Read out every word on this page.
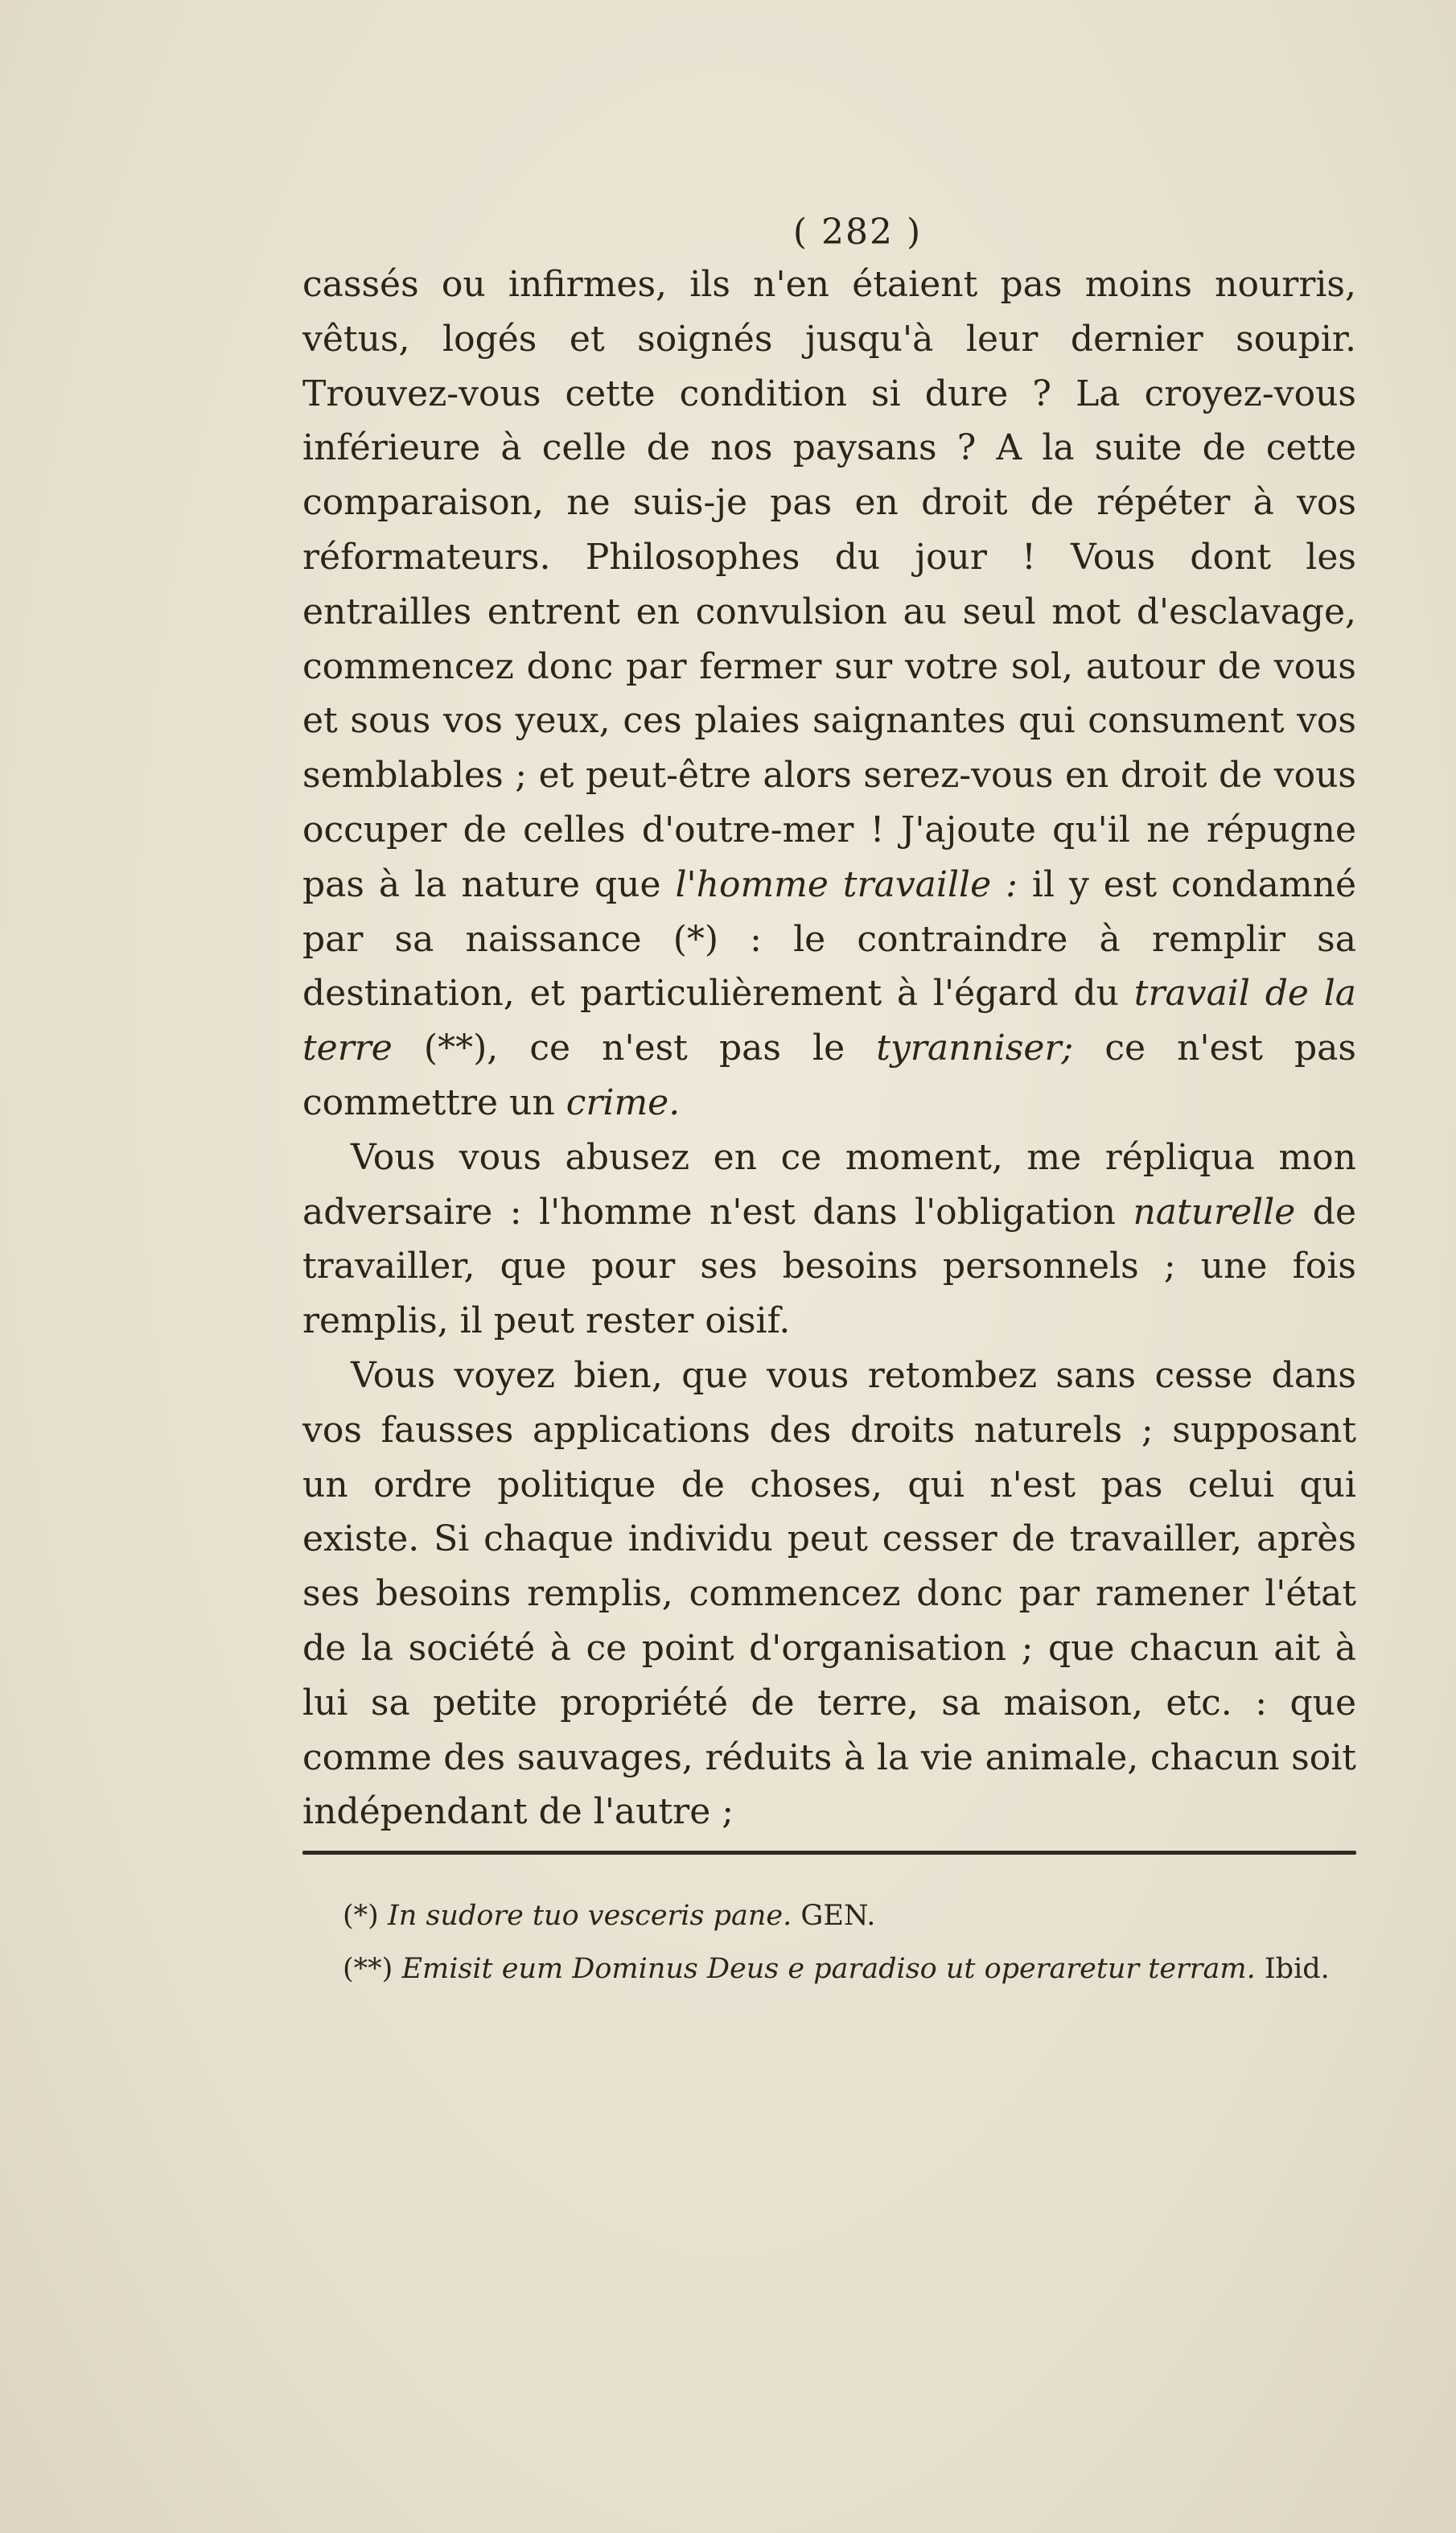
( 282 )

cassés ou infirmes, ils n'en étaient pas moins nourris, vêtus, logés et soignés jusqu'à leur dernier soupir. Trouvez-vous cette condition si dure ? La croyez-vous inférieure à celle de nos paysans ? A la suite de cette comparaison, ne suis-je pas en droit de répéter à vos réformateurs. Philosophes du jour ! Vous dont les entrailles entrent en convulsion au seul mot d'esclavage, commencez donc par fermer sur votre sol, autour de vous et sous vos yeux, ces plaies saignantes qui consument vos semblables ; et peut-être alors serez-vous en droit de vous occuper de celles d'outre-mer ! J'ajoute qu'il ne répugne pas à la nature que l'homme travaille : il y est condamné par sa naissance (*) : le contraindre à remplir sa destination, et particulièrement à l'égard du travail de la terre (**), ce n'est pas le tyranniser; ce n'est pas commettre un crime.

Vous vous abusez en ce moment, me répliqua mon adversaire : l'homme n'est dans l'obligation naturelle de travailler, que pour ses besoins personnels ; une fois remplis, il peut rester oisif.

Vous voyez bien, que vous retombez sans cesse dans vos fausses applications des droits naturels ; supposant un ordre politique de choses, qui n'est pas celui qui existe. Si chaque individu peut cesser de travailler, après ses besoins remplis, commencez donc par ramener l'état de la société à ce point d'organisation ; que chacun ait à lui sa petite propriété de terre, sa maison, etc. : que comme des sauvages, réduits à la vie animale, chacun soit indépendant de l'autre ;

(*) In sudore tuo vesceris pane. GEN.

(**) Emisit eum Dominus Deus e paradiso ut operaretur terram. Ibid.
